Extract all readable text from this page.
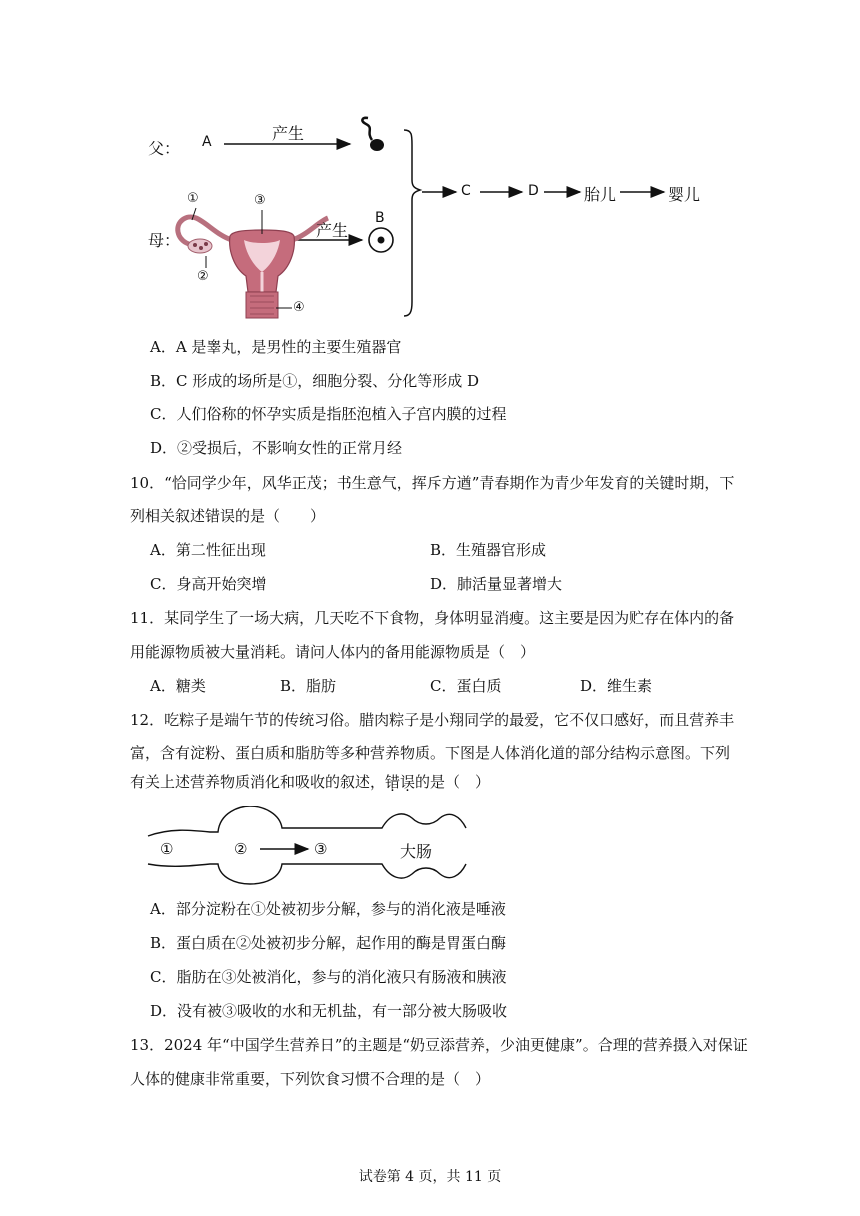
父： A	产生
母：
产生
B
C	D	胎儿	婴儿
①
②
③
④
A．A 是睾丸，是男性的主要生殖器官
B．C 形成的场所是①，细胞分裂、分化等形成 D
C．人们俗称的怀孕实质是指胚泡植入子宫内膜的过程
D．②受损后，不影响女性的正常月经
10．“恰同学少年，风华正茂；书生意气，挥斥方遒”青春期作为青少年发育的关键时期，下
列相关叙述错误的是（　　）
A．第二性征出现	B．生殖器官形成
C．身高开始突增	D．肺活量显著增大
11．某同学生了一场大病，几天吃不下食物，身体明显消瘦。这主要是因为贮存在体内的备
用能源物质被大量消耗。请问人体内的备用能源物质是（　）
A．糖类	B．脂肪	C．蛋白质	D．维生素
12．吃粽子是端午节的传统习俗。腊肉粽子是小翔同学的最爱，它不仅口感好，而且营养丰
富，含有淀粉、蛋白质和脂肪等多种营养物质。下图是人体消化道的部分结构示意图。下列
有关上述营养物质消化和吸收的叙述，错误的是（　）
①	②	③	大肠
A．部分淀粉在①处被初步分解，参与的消化液是唾液
B．蛋白质在②处被初步分解，起作用的酶是胃蛋白酶
C．脂肪在③处被消化，参与的消化液只有肠液和胰液
D．没有被③吸收的水和无机盐，有一部分被大肠吸收
13．2024 年“中国学生营养日”的主题是“奶豆添营养，少油更健康”。合理的营养摄入对保证
人体的健康非常重要，下列饮食习惯不合理的是（　）
试卷第 4 页，共 11 页
